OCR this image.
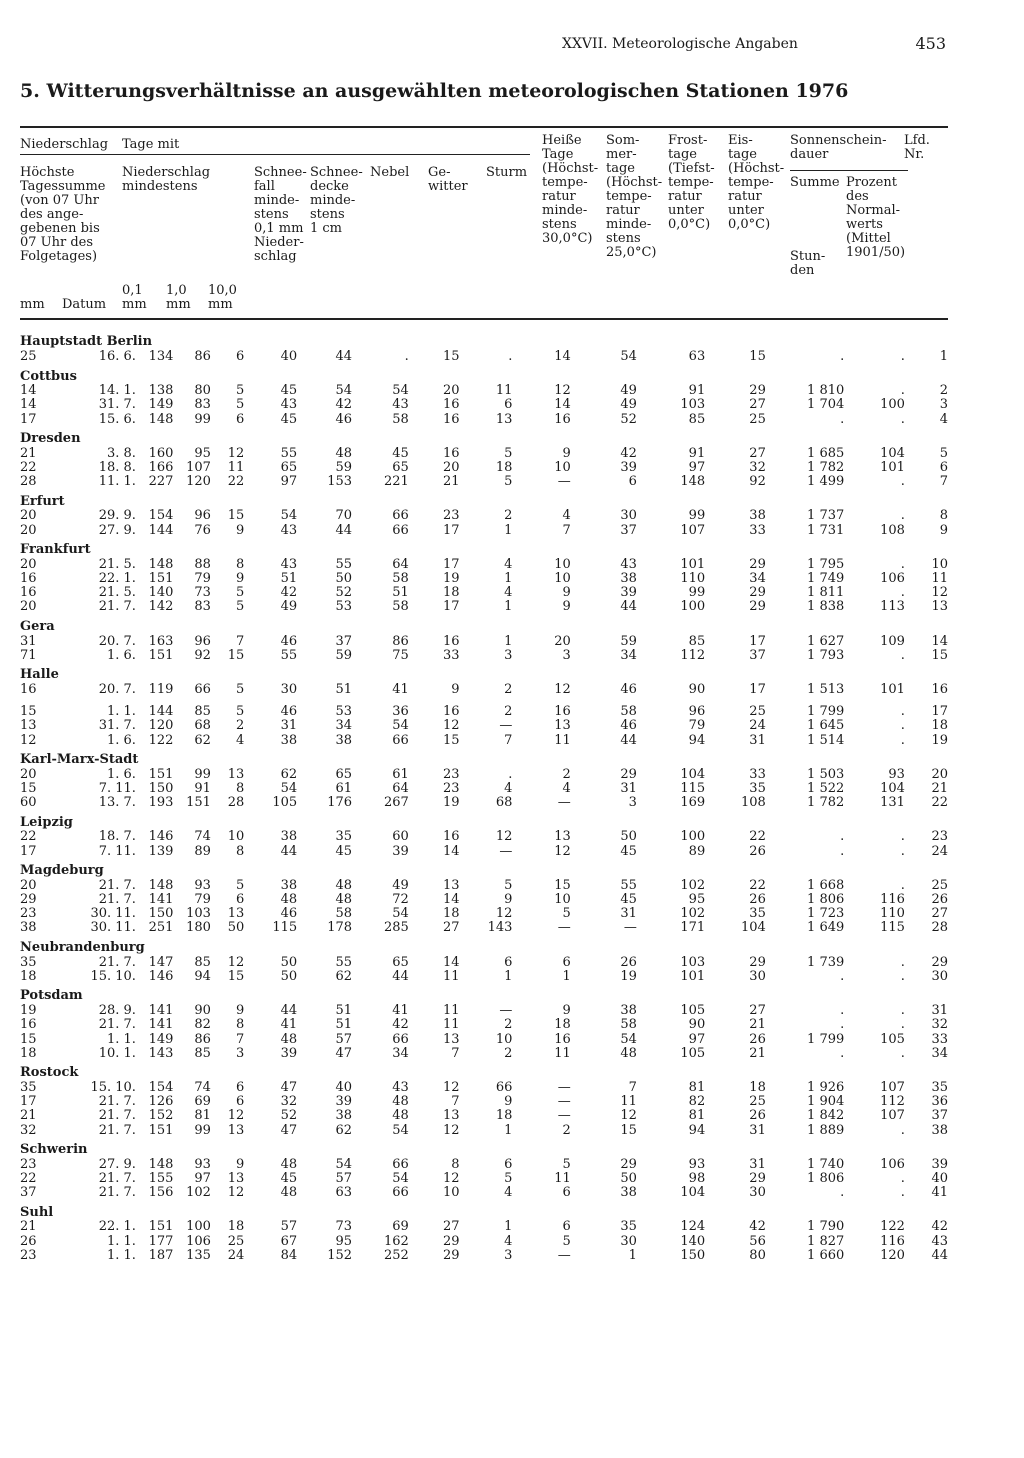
XXVII. Meteorologische Angaben	453
5. Witterungsverhältnisse an ausgewählten meteorologischen Stationen 1976
Niederschlag Tage mit
Höchste
Tagessumme
(von 07 Uhr
des ange-
gebenen bis
07 Uhr des
Folgetages)
Niederschlag
mindestens
Schnee-
fall
minde-
stens
0,1 mm
Nieder-
schlag
Schnee-
decke
minde-
stens
1 cm
Nebel Ge-
witter
Sturm
Heiße
Tage
(Höchst-
tempe-
ratur
minde-
stens
30,0°C)
Som-
mer-
tage
(Höchst-
tempe-
ratur
minde-
stens
25,0°C)
Frost-
tage
(Tiefst-
tempe-
ratur
unter
0,0°C)
Eis-
tage
(Höchst-
tempe-
ratur
unter
0,0°C)
Sonnenschein-
dauer
Summe
Stun-
den
Prozent
des
Normal-
werts
(Mittel
1901/50)
Lfd.
Nr.
0,1
mm
1,0
mm
10,0
mm
mm Datum
Hauptstadt Berlin																
25	16. 6.	134	86	6	40	44	.	15	.	14	54	63	15	.	.	1
Cottbus																
14	14. 1.	138	80	5	45	54	54	20	11	12	49	91	29	1 810	.	2
14	31. 7.	149	83	5	43	42	43	16	6	14	49	103	27	1 704	100	3
17	15. 6.	148	99	6	45	46	58	16	13	16	52	85	25	.	.	4
Dresden																
21	3. 8.	160	95	12	55	48	45	16	5	9	42	91	27	1 685	104	5
22	18. 8.	166	107	11	65	59	65	20	18	10	39	97	32	1 782	101	6
28	11. 1.	227	120	22	97	153	221	21	5	—	6	148	92	1 499	.	7
Erfurt																
20	29. 9.	154	96	15	54	70	66	23	2	4	30	99	38	1 737	.	8
20	27. 9.	144	76	9	43	44	66	17	1	7	37	107	33	1 731	108	9
Frankfurt																
20	21. 5.	148	88	8	43	55	64	17	4	10	43	101	29	1 795	.	10
16	22. 1.	151	79	9	51	50	58	19	1	10	38	110	34	1 749	106	11
16	21. 5.	140	73	5	42	52	51	18	4	9	39	99	29	1 811	.	12
20	21. 7.	142	83	5	49	53	58	17	1	9	44	100	29	1 838	113	13
Gera																
31	20. 7.	163	96	7	46	37	86	16	1	20	59	85	17	1 627	109	14
71	1. 6.	151	92	15	55	59	75	33	3	3	34	112	37	1 793	.	15
Halle																
16	20. 7.	119	66	5	30	51	41	9	2	12	46	90	17	1 513	101	16

15	1. 1.	144	85	5	46	53	36	16	2	16	58	96	25	1 799	.	17
13	31. 7.	120	68	2	31	34	54	12	—	13	46	79	24	1 645	.	18
12	1. 6.	122	62	4	38	38	66	15	7	11	44	94	31	1 514	.	19
Karl-Marx-Stadt																
20	1. 6.	151	99	13	62	65	61	23	.	2	29	104	33	1 503	93	20
15	7. 11.	150	91	8	54	61	64	23	4	4	31	115	35	1 522	104	21
60	13. 7.	193	151	28	105	176	267	19	68	—	3	169	108	1 782	131	22
Leipzig																
22	18. 7.	146	74	10	38	35	60	16	12	13	50	100	22	.	.	23
17	7. 11.	139	89	8	44	45	39	14	—	12	45	89	26	.	.	24
Magdeburg																
20	21. 7.	148	93	5	38	48	49	13	5	15	55	102	22	1 668	.	25
29	21. 7.	141	79	6	48	48	72	14	9	10	45	95	26	1 806	116	26
23	30. 11.	150	103	13	46	58	54	18	12	5	31	102	35	1 723	110	27
38	30. 11.	251	180	50	115	178	285	27	143	—	—	171	104	1 649	115	28
Neubrandenburg																
35	21. 7.	147	85	12	50	55	65	14	6	6	26	103	29	1 739	.	29
18	15. 10.	146	94	15	50	62	44	11	1	1	19	101	30	.	.	30
Potsdam																
19	28. 9.	141	90	9	44	51	41	11	—	9	38	105	27	.	.	31
16	21. 7.	141	82	8	41	51	42	11	2	18	58	90	21	.	.	32
15	1. 1.	149	86	7	48	57	66	13	10	16	54	97	26	1 799	105	33
18	10. 1.	143	85	3	39	47	34	7	2	11	48	105	21	.	.	34
Rostock																
35	15. 10.	154	74	6	47	40	43	12	66	—	7	81	18	1 926	107	35
17	21. 7.	126	69	6	32	39	48	7	9	—	11	82	25	1 904	112	36
21	21. 7.	152	81	12	52	38	48	13	18	—	12	81	26	1 842	107	37
32	21. 7.	151	99	13	47	62	54	12	1	2	15	94	31	1 889	.	38
Schwerin																
23	27. 9.	148	93	9	48	54	66	8	6	5	29	93	31	1 740	106	39
22	21. 7.	155	97	13	45	57	54	12	5	11	50	98	29	1 806	.	40
37	21. 7.	156	102	12	48	63	66	10	4	6	38	104	30	.	.	41
Suhl																
21	22. 1.	151	100	18	57	73	69	27	1	6	35	124	42	1 790	122	42
26	1. 1.	177	106	25	67	95	162	29	4	5	30	140	56	1 827	116	43
23	1. 1.	187	135	24	84	152	252	29	3	—	1	150	80	1 660	120	44
